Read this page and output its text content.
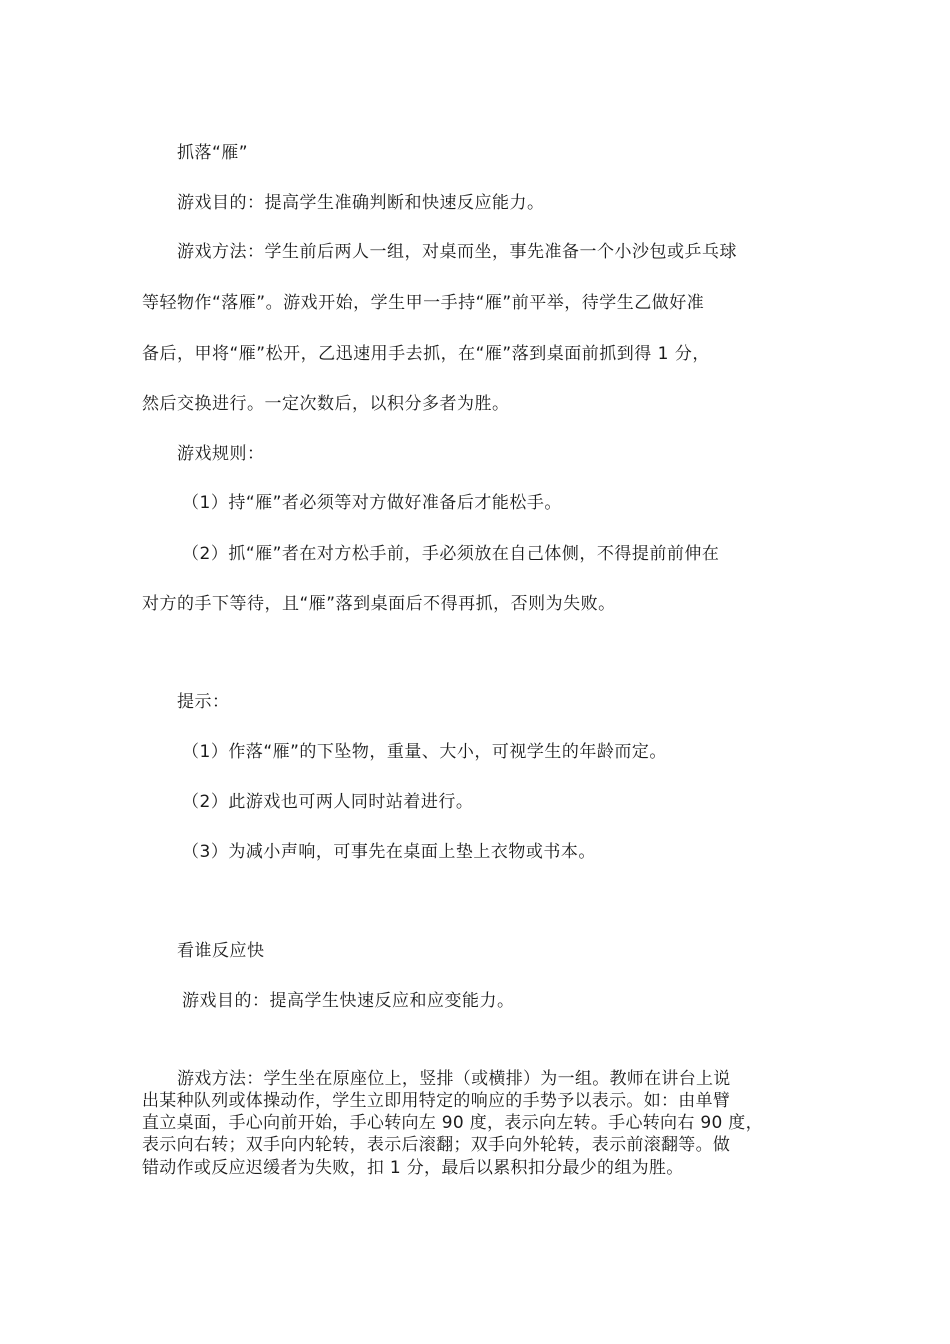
抓落“雁”
游戏目的：提高学生准确判断和快速反应能力。
游戏方法：学生前后两人一组，对桌而坐，事先准备一个小沙包或乒乓球
等轻物作“落雁”。游戏开始，学生甲一手持“雁”前平举，待学生乙做好准
备后，甲将“雁”松开，乙迅速用手去抓，在“雁”落到桌面前抓到得 1 分，
然后交换进行。一定次数后，以积分多者为胜。
游戏规则：
（1）持“雁”者必须等对方做好准备后才能松手。
（2）抓“雁”者在对方松手前，手必须放在自己体侧，不得提前前伸在
对方的手下等待，且“雁”落到桌面后不得再抓，否则为失败。
提示：
（1）作落“雁”的下坠物，重量、大小，可视学生的年龄而定。
（2）此游戏也可两人同时站着进行。
（3）为减小声响，可事先在桌面上垫上衣物或书本。
看谁反应快
游戏目的：提高学生快速反应和应变能力。
游戏方法：学生坐在原座位上，竖排（或横排）为一组。教师在讲台上说
出某种队列或体操动作，学生立即用特定的响应的手势予以表示。如：由单臂
直立桌面，手心向前开始，手心转向左 90 度，表示向左转。手心转向右 90 度，
表示向右转；双手向内轮转，表示后滚翻；双手向外轮转，表示前滚翻等。做
错动作或反应迟缓者为失败，扣 1 分，最后以累积扣分最少的组为胜。
